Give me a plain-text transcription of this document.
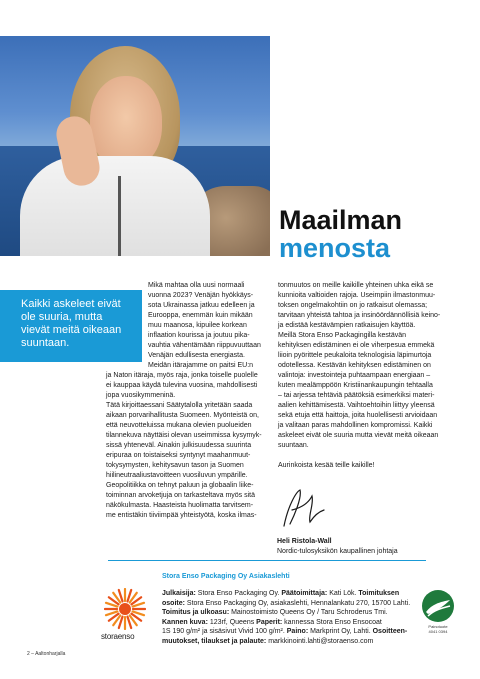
Maailman
menosta
Kaikki askeleet eivät
ole suuria, mutta
vievät meitä oikeaan
suuntaan.

Mikä mahtaa olla uusi normaali

vuonna 2023? Venäjän hyökkäys-

sota Ukrainassa jatkuu edelleen ja

Eurooppa, enemmän kuin mikään

muu maanosa, kipuilee korkean

inflaation kourissa ja joutuu pika-

vauhtia vähentämään riippuvuuttaan

Venäjän edullisesta energiasta.

Meidän itärajamme on paitsi EU:n

ja Naton itäraja, myös raja, jonka toiselle puolelle

ei kauppaa käydä tulevina vuosina, mahdollisesti

jopa vuosikymmeninä.

Tätä kirjoittaessani Säätytalolla yritetään saada

aikaan porvarihallitusta Suomeen. Myönteistä on,

että neuvotteluissa mukana olevien puolueiden

tilannekuva näyttäisi olevan useimmissa kysymyk-

sissä yhteneväl. Ainakin julkisuudessa suurinta

eripuraa on toistaiseksi syntynyt maahanmuut-

tokysymysten, kehitysavun tason ja Suomen

hiilineutraaliustavoitteen vuosiluvun ympärille.

Geopolitiikka on tehnyt paluun ja globaalin liike-

toiminnan arvoketjuja on tarkasteltava myös sitä

näkökulmasta. Haasteista huolimatta tarvitsem-

me entistäkin tiiviimpää yhteistyötä, koska ilmas-

tonmuutos on meille kaikille yhteinen uhka eikä se

kunnioita valtioiden rajoja. Useimpiin ilmastonmuu-

toksen ongelmakohtiin on jo ratkaisut olemassa;

tarvitaan yhteistä tahtoa ja insinöördännöllisiä keino-

ja edistää kestävämpien ratkaisujen käyttöä.

Meillä Stora Enso Packagingilla kestävän

kehityksen edistäminen ei ole viherpesua emmekä

liioin pyörittele peukaloita teknologisia läpimurtoja

odotellessa. Kestävän kehityksen edistäminen on

valintoja: investointeja puhtaampaan energiaan –

kuten mealämppöön Kristiinankaupungin tehtaalla

– tai arjessa tehtäviä päätöksiä esimerkiksi materi-

aalien kehittämisestä. Vaihtoehtoihin liittyy yleensä

sekä etuja että haittoja, joita huolellisesti arvioidaan

ja valitaan paras mahdollinen kompromissi. Kaikki

askeleet eivät ole suuria mutta vievät meitä oikeaan

suuntaan.

Aurinkoista kesää teille kaikille!

Heli Ristola-Wall
Nordic-tulosyksikön kaupallinen johtaja
Stora Enso Packaging Oy Asiakaslehti

Julkaisija: Stora Enso Packaging Oy. Päätoimittaja: Kati Lök. Toimituksen

osoite: Stora Enso Packaging Oy, asiakaslehti, Hennalankatu 270, 15700 Lahti.

Toimitus ja ulkoasu: Mainostoimisto Queens Oy / Taru Schroderus Tmi.

Kannen kuva: 123rf, Queens Paperit: kannessa Stora Enso Ensocoat

1S 190 g/m² ja sisäsivut Vivid 100 g/m². Paino: Markprint Oy, Lahti. Osoitteen-

muutokset, tilaukset ja palaute: markkinointi.lahti@storaenso.com

storaenso
Painotuote
4041 0394
2 – Aaltonharjalla
